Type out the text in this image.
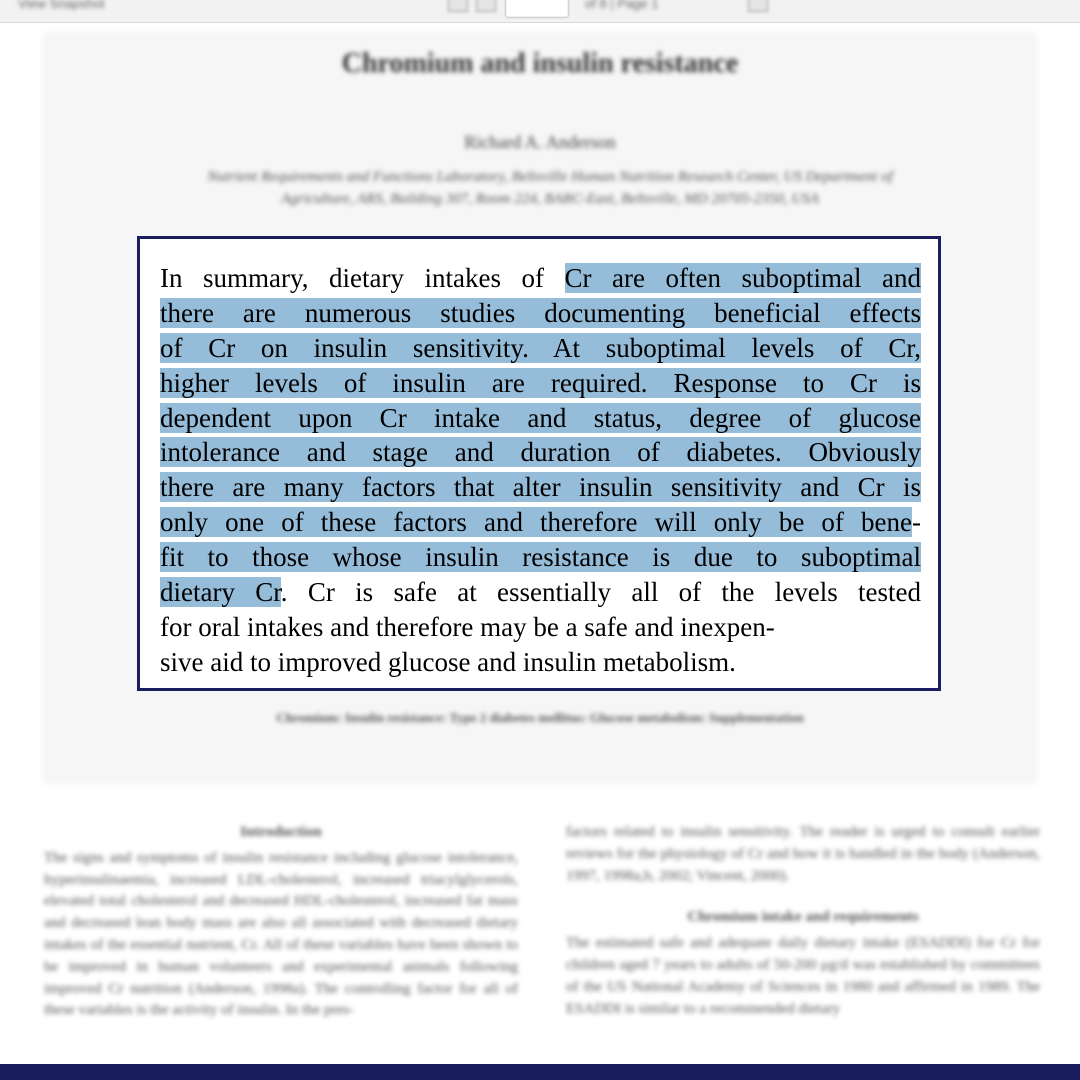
View Snapshot	of 8 | Page 1
Chromium and insulin resistance
Richard A. Anderson
Nutrient Requirements and Functions Laboratory, Beltsville Human Nutrition Research Center, US Department of
Agriculture, ARS, Building 307, Room 224, BARC-East, Beltsville, MD 20705-2350, USA
In summary, dietary intakes of Cr are often suboptimal and
there are numerous studies documenting beneficial effects
of Cr on insulin sensitivity. At suboptimal levels of Cr,
higher levels of insulin are required. Response to Cr is
dependent upon Cr intake and status, degree of glucose
intolerance and stage and duration of diabetes. Obviously
there are many factors that alter insulin sensitivity and Cr is
only one of these factors and therefore will only be of bene-
fit to those whose insulin resistance is due to suboptimal
dietary Cr. Cr is safe at essentially all of the levels tested
for oral intakes and therefore may be a safe and inexpen-
sive aid to improved glucose and insulin metabolism.
Chromium: Insulin resistance: Type 2 diabetes mellitus: Glucose metabolism: Supplementation
Introduction

The signs and symptoms of insulin resistance including glucose intolerance, hyperinsulinaemia, increased LDL-cholesterol, increased triacylglycerols, elevated total cholesterol and decreased HDL-cholesterol, increased fat mass and decreased lean body mass are also all associated with decreased dietary intakes of the essential nutrient, Cr. All of these variables have been shown to be improved in human volunteers and experimental animals following improved Cr nutrition (Anderson, 1998a). The controlling factor for all of these variables is the activity of insulin. In the pres-

factors related to insulin sensitivity. The reader is urged to consult earlier reviews for the physiology of Cr and how it is handled in the body (Anderson, 1997, 1998a,b, 2002; Vincent, 2000).

Chromium intake and requirements

The estimated safe and adequate daily dietary intake (ESADDI) for Cr for children aged 7 years to adults of 50-200 μg/d was established by committees of the US National Academy of Sciences in 1980 and affirmed in 1989. The ESADDI is similar to a recommended dietary
